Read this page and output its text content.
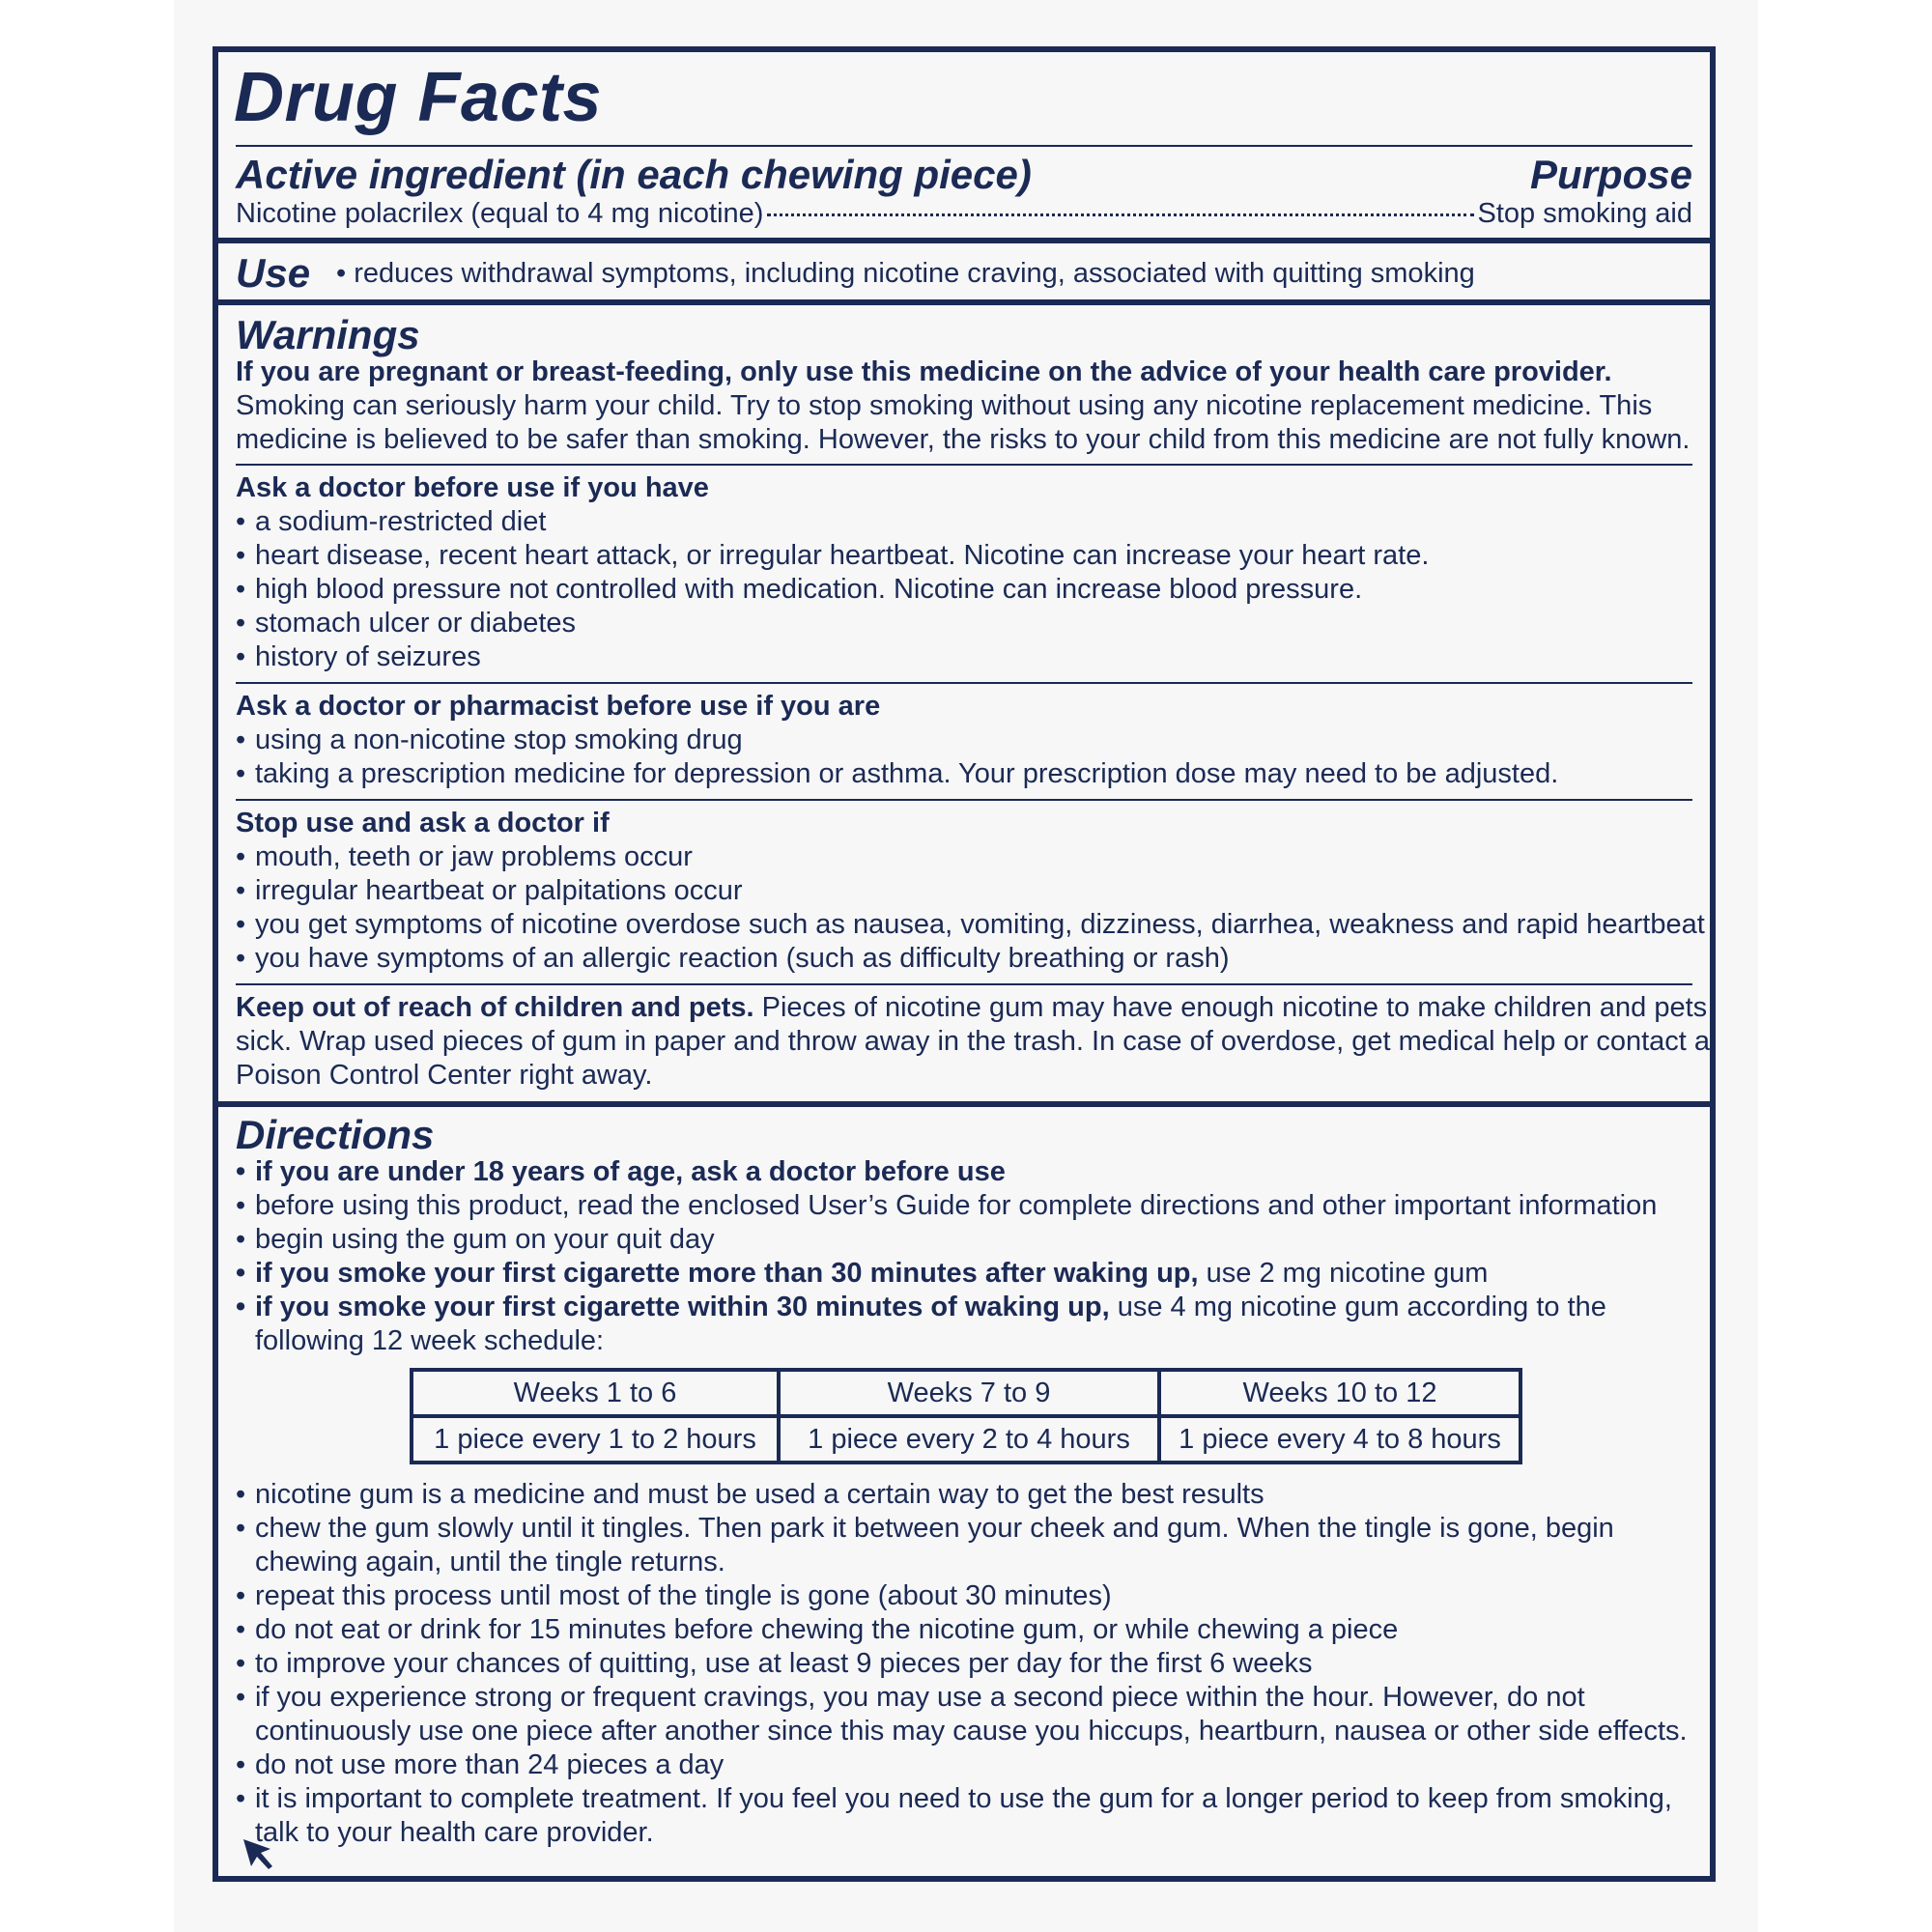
Drug Facts
Active ingredient (in each chewing piece)	Purpose
Nicotine polacrilex (equal to 4 mg nicotine)	Stop smoking aid
Use • reduces withdrawal symptoms, including nicotine craving, associated with quitting smoking
Warnings
If you are pregnant or breast-feeding, only use this medicine on the advice of your health care provider.
Smoking can seriously harm your child. Try to stop smoking without using any nicotine replacement medicine. This
medicine is believed to be safer than smoking. However, the risks to your child from this medicine are not fully known.
Ask a doctor before use if you have
• a sodium-restricted diet
• heart disease, recent heart attack, or irregular heartbeat. Nicotine can increase your heart rate.
• high blood pressure not controlled with medication. Nicotine can increase blood pressure.
• stomach ulcer or diabetes
• history of seizures
Ask a doctor or pharmacist before use if you are
• using a non-nicotine stop smoking drug
• taking a prescription medicine for depression or asthma. Your prescription dose may need to be adjusted.
Stop use and ask a doctor if
• mouth, teeth or jaw problems occur
• irregular heartbeat or palpitations occur
• you get symptoms of nicotine overdose such as nausea, vomiting, dizziness, diarrhea, weakness and rapid heartbeat
• you have symptoms of an allergic reaction (such as difficulty breathing or rash)
Keep out of reach of children and pets. Pieces of nicotine gum may have enough nicotine to make children and pets
sick. Wrap used pieces of gum in paper and throw away in the trash. In case of overdose, get medical help or contact a
Poison Control Center right away.
Directions
• if you are under 18 years of age, ask a doctor before use
• before using this product, read the enclosed User’s Guide for complete directions and other important information
• begin using the gum on your quit day
• if you smoke your first cigarette more than 30 minutes after waking up, use 2 mg nicotine gum
• if you smoke your first cigarette within 30 minutes of waking up, use 4 mg nicotine gum according to the
following 12 week schedule:
Weeks 1 to 6	Weeks 7 to 9	Weeks 10 to 12
1 piece every 1 to 2 hours	1 piece every 2 to 4 hours	1 piece every 4 to 8 hours
• nicotine gum is a medicine and must be used a certain way to get the best results
• chew the gum slowly until it tingles. Then park it between your cheek and gum. When the tingle is gone, begin
chewing again, until the tingle returns.
• repeat this process until most of the tingle is gone (about 30 minutes)
• do not eat or drink for 15 minutes before chewing the nicotine gum, or while chewing a piece
• to improve your chances of quitting, use at least 9 pieces per day for the first 6 weeks
• if you experience strong or frequent cravings, you may use a second piece within the hour. However, do not
continuously use one piece after another since this may cause you hiccups, heartburn, nausea or other side effects.
• do not use more than 24 pieces a day
• it is important to complete treatment. If you feel you need to use the gum for a longer period to keep from smoking,
talk to your health care provider.
